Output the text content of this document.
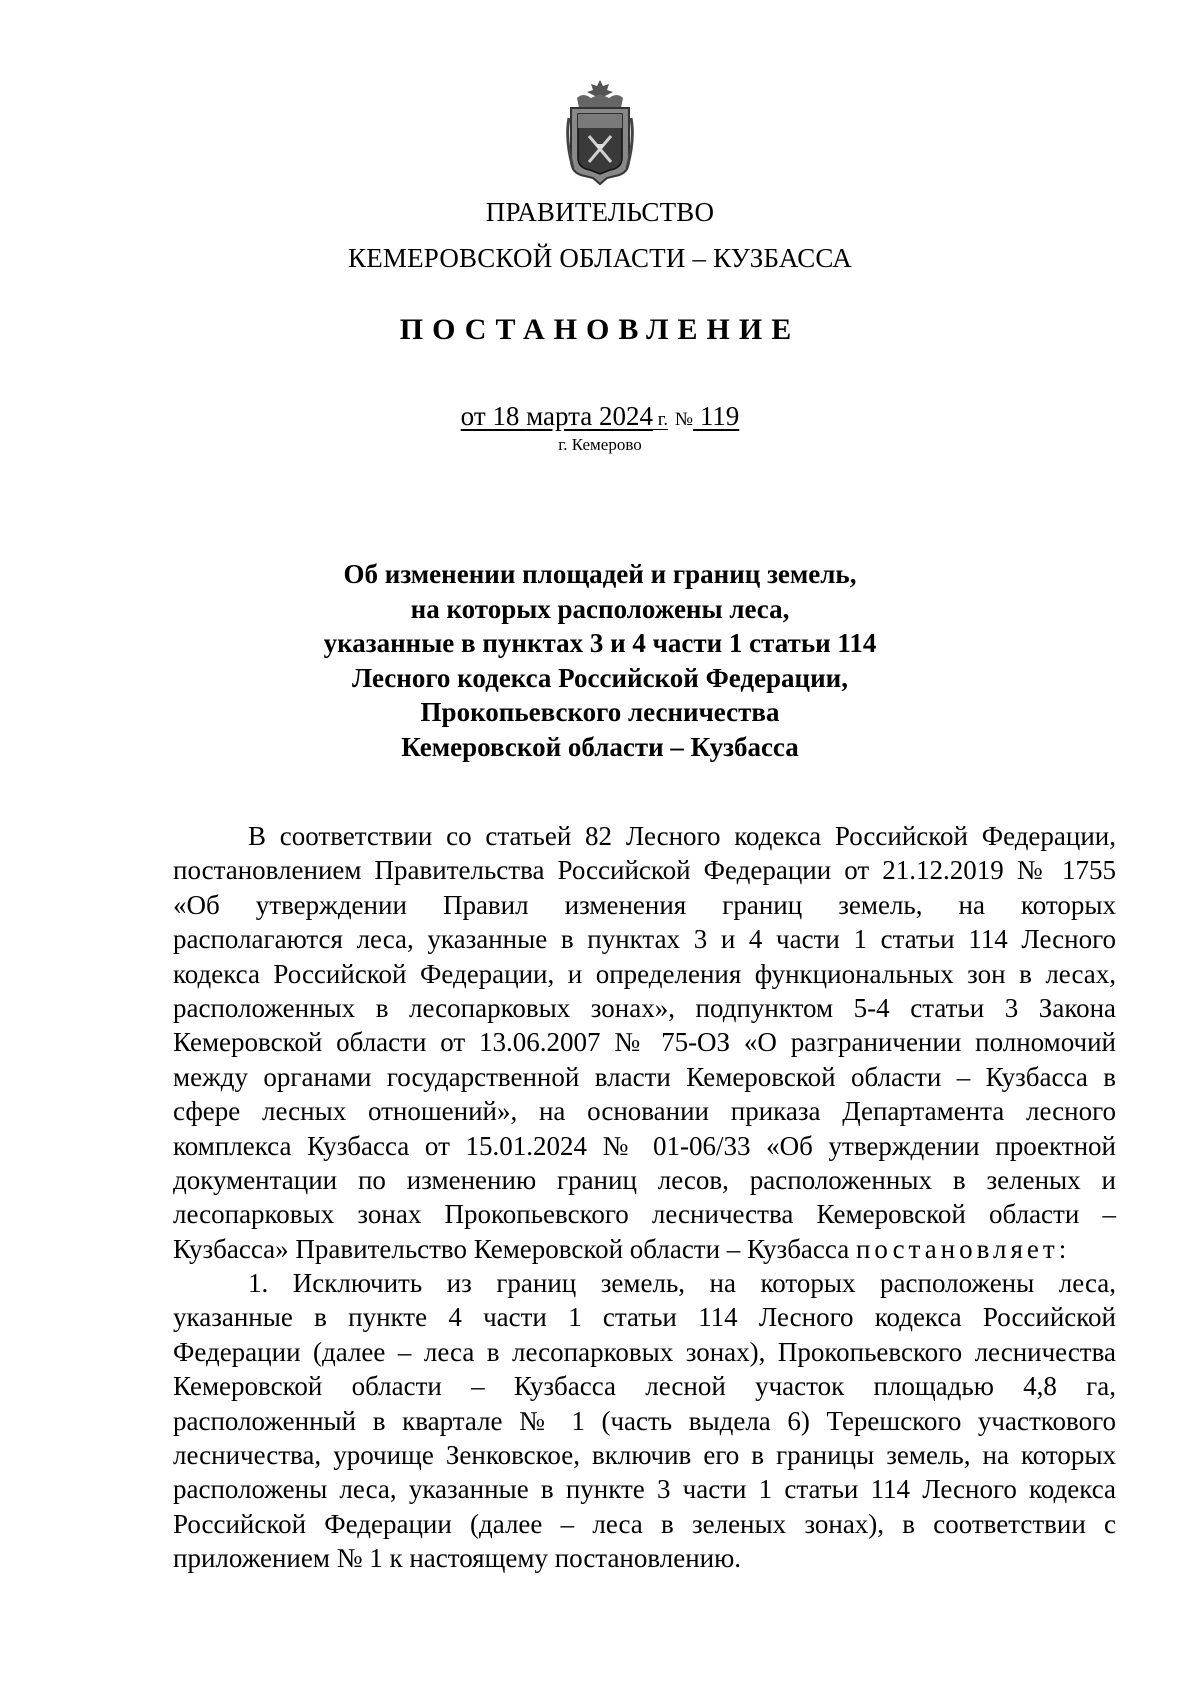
ПРАВИТЕЛЬСТВО
КЕМЕРОВСКОЙ ОБЛАСТИ – КУЗБАССА
ПОСТАНОВЛЕНИЕ
от 18 марта 2024 г. № 119
г. Кемерово
Об изменении площадей и границ земель,
на которых расположены леса,
указанные в пунктах 3 и 4 части 1 статьи 114
Лесного кодекса Российской Федерации,
Прокопьевского лесничества
Кемеровской области – Кузбасса
В соответствии со статьей 82 Лесного кодекса Российской Федерации,
постановлением Правительства Российской Федерации от 21.12.2019 № 1755
«Об утверждении Правил изменения границ земель, на которых
располагаются леса, указанные в пунктах 3 и 4 части 1 статьи 114 Лесного
кодекса Российской Федерации, и определения функциональных зон в лесах,
расположенных в лесопарковых зонах», подпунктом 5-4 статьи 3 Закона
Кемеровской области от 13.06.2007 № 75-ОЗ «О разграничении полномочий
между органами государственной власти Кемеровской области – Кузбасса в
сфере лесных отношений», на основании приказа Департамента лесного
комплекса Кузбасса от 15.01.2024 № 01-06/33 «Об утверждении проектной
документации по изменению границ лесов, расположенных в зеленых и
лесопарковых зонах Прокопьевского лесничества Кемеровской области –
Кузбасса» Правительство Кемеровской области – Кузбасса постановляет:
1. Исключить из границ земель, на которых расположены леса,
указанные в пункте 4 части 1 статьи 114 Лесного кодекса Российской
Федерации (далее – леса в лесопарковых зонах), Прокопьевского лесничества
Кемеровской области – Кузбасса лесной участок площадью 4,8 га,
расположенный в квартале № 1 (часть выдела 6) Терешского участкового
лесничества, урочище Зенковское, включив его в границы земель, на которых
расположены леса, указанные в пункте 3 части 1 статьи 114 Лесного кодекса
Российской Федерации (далее – леса в зеленых зонах), в соответствии с
приложением № 1 к настоящему постановлению.
